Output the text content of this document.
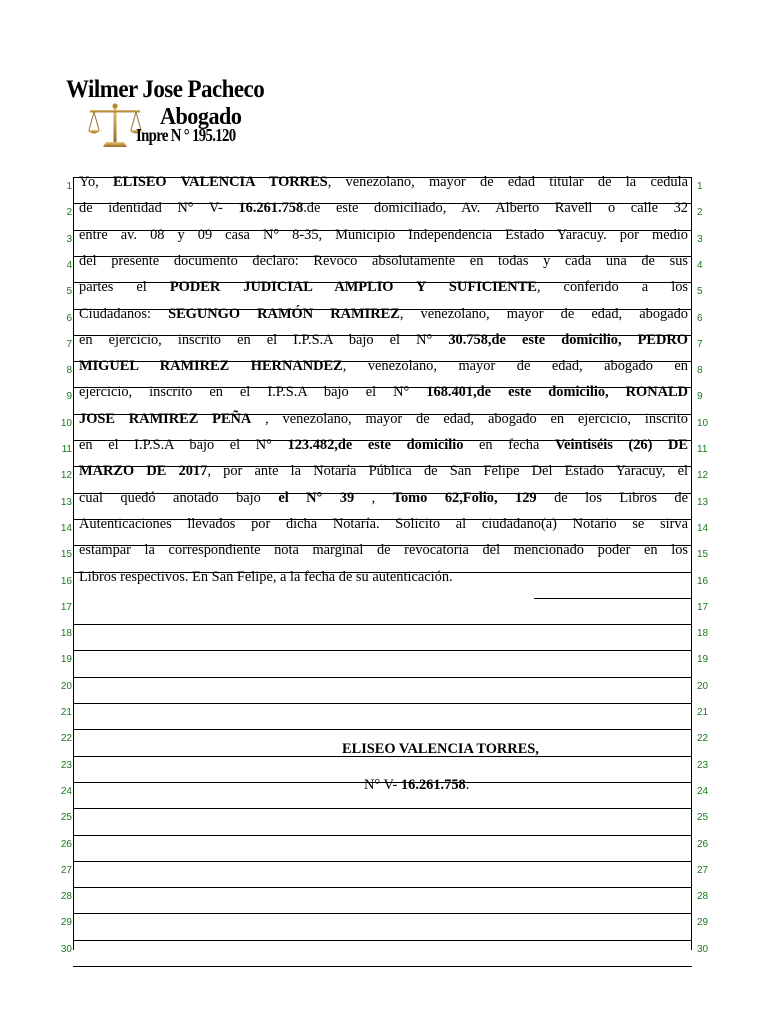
Wilmer Jose Pacheco
Abogado
Inpre N ° 195.120
1	1
2	2
3	3
4	4
5	5
6	6
7	7
8	8
9	9
10	10
11	11
12	12
13	13
14	14
15	15
16	16
17	17
18	18
19	19
20	20
21	21
22	22
23	23
24	24
25	25
26	26
27	27
28	28
29	29
30	30
Yo, ELISEO VALENCIA TORRES, venezolano, mayor de edad titular de la cedula
de identidad N° V- 16.261.758.de este domiciliado, Av. Alberto Ravell o calle 32
entre av. 08 y 09 casa N° 8-35, Municipio Independencia Estado Yaracuy. por medio
del presente documento declaro: Revoco absolutamente en todas y cada una de sus
partes el PODER JUDICIAL AMPLIO Y SUFICIENTE, conferido a los
Ciudadanos: SEGUNGO RAMÓN RAMIREZ, venezolano, mayor de edad, abogado
en ejercicio, inscrito en el I.P.S.A bajo el N° 30.758,de este domicilio, PEDRO
MIGUEL RAMIREZ HERNANDEZ, venezolano, mayor de edad, abogado en
ejercicio, inscrito en el I.P.S.A bajo el N° 168.401,de este domicilio, RONALD
JOSE RAMIREZ PEÑA , venezolano, mayor de edad, abogado en ejercicio, inscrito
en el I.P.S.A bajo el N° 123.482,de este domicilio en fecha Veintiséis (26) DE
MARZO DE 2017, por ante la Notaría Pública de San Felipe Del Estado Yaracuy, el
cual quedó anotado bajo el N° 39 , Tomo 62,Folio, 129 de los Libros de
Autenticaciones llevados por dicha Notaría. Solicito al ciudadano(a) Notario se sirva
estampar la correspondiente nota marginal de revocatoria del mencionado poder en los
Libros respectivos. En San Felipe, a la fecha de su autenticación.
ELISEO VALENCIA TORRES,
N° V- 16.261.758.
